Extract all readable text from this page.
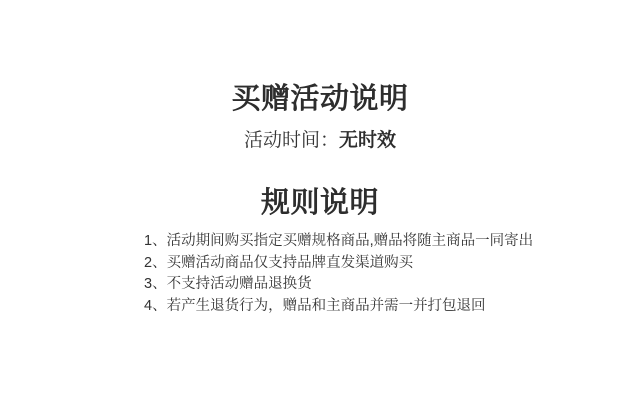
买赠活动说明
活动时间：无时效
规则说明
1、活动期间购买指定买赠规格商品,赠品将随主商品一同寄出
2、买赠活动商品仅支持品牌直发渠道购买
3、不支持活动赠品退换货
4、若产生退货行为，赠品和主商品并需一并打包退回
